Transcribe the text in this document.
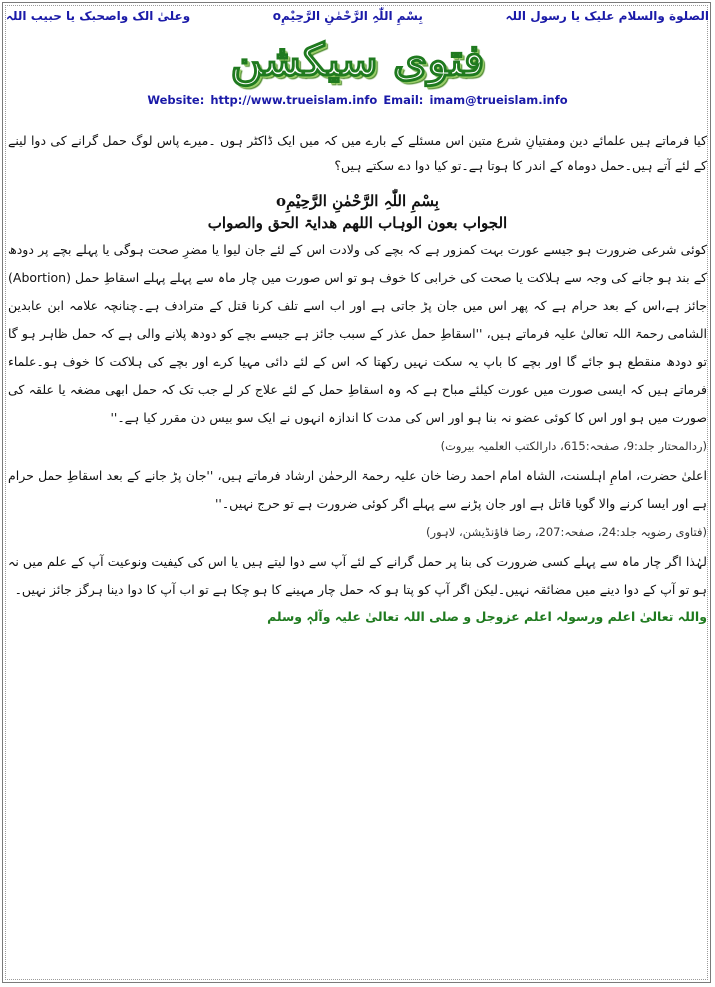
الصلوة والسلام علیک یا رسول اللہ
بِسْمِ اللّٰہِ الرَّحْمٰنِ الرَّحِیْمِo
وعلیٰ الک واصحبک یا حبیب اللہ
فتوی سیکشن
Website: http://www.trueislam.info Email: imam@trueislam.info

کیا فرماتے ہیں علمائے دین ومفتیانِ شرع متین اس مسئلے کے بارے میں کہ میں ایک ڈاکٹر ہوں ۔میرے پاس لوگ حمل گرانے کی دوا لینے کے لئے آتے ہیں۔حمل دوماہ کے اندر کا ہوتا ہے۔تو کیا دوا دے سکتے ہیں؟

بِسْمِ اللّٰہِ الرَّحْمٰنِ الرَّحِیْمِo
الجواب بعون الوہاب اللھم ھدایۃ الحق والصواب

کوئی شرعی ضرورت ہو جیسے عورت بہت کمزور ہے کہ بچے کی ولادت اس کے لئے جان لیوا یا مضرِ صحت ہوگی یا پہلے بچے پر دودھ کے بند ہو جانے کی وجہ سے ہلاکت یا صحت کی خرابی کا خوف ہو تو اس صورت میں چار ماہ سے پہلے پہلے اسقاطِ حمل (Abortion) جائز ہے،اس کے بعد حرام ہے کہ پھر اس میں جان پڑ جاتی ہے اور اب اسے تلف کرنا قتل کے مترادف ہے۔چنانچہ علامہ ابن عابدین الشامی رحمۃ اللہ تعالیٰ علیہ فرماتے ہیں، ''اسقاطِ حمل عذر کے سبب جائز ہے جیسے بچے کو دودھ پلانے والی ہے کہ حمل ظاہر ہو گا تو دودھ منقطع ہو جائے گا اور بچے کا باپ یہ سکت نہیں رکھتا کہ اس کے لئے دائی مہیا کرے اور بچے کی ہلاکت کا خوف ہو۔علماء فرماتے ہیں کہ ایسی صورت میں عورت کیلئے مباح ہے کہ وہ اسقاطِ حمل کے لئے علاج کر لے جب تک کہ حمل ابھی مضغہ یا علقہ کی صورت میں ہو اور اس کا کوئی عضو نہ بنا ہو اور اس کی مدت کا اندازہ انہوں نے ایک سو بیس دن مقرر کیا ہے۔''

(ردالمحتار جلد:9، صفحہ:615، دارالکتب العلمیہ بیروت)

اعلیٰ حضرت، امامِ اہلسنت، الشاہ امام احمد رضا خان علیہ رحمۃ الرحمٰن ارشاد فرماتے ہیں، ''جان پڑ جانے کے بعد اسقاطِ حمل حرام ہے اور ایسا کرنے والا گویا قاتل ہے اور جان پڑنے سے پہلے اگر کوئی ضرورت ہے تو حرج نہیں۔''

(فتاوی رضویہ جلد:24، صفحہ:207، رضا فاؤنڈیشن، لاہور)

لہٰذا اگر چار ماہ سے پہلے کسی ضرورت کی بنا پر حمل گرانے کے لئے آپ سے دوا لیتے ہیں یا اس کی کیفیت ونوعیت آپ کے علم میں نہ ہو تو آپ کے دوا دینے میں مضائقہ نہیں۔لیکن اگر آپ کو پتا ہو کہ حمل چار مہینے کا ہو چکا ہے تو اب آپ کا دوا دینا ہرگز جائز نہیں۔

واللہ تعالیٰ اعلم ورسولہ اعلم عزوجل و صلی اللہ تعالیٰ علیہ وآلہٖ وسلم
